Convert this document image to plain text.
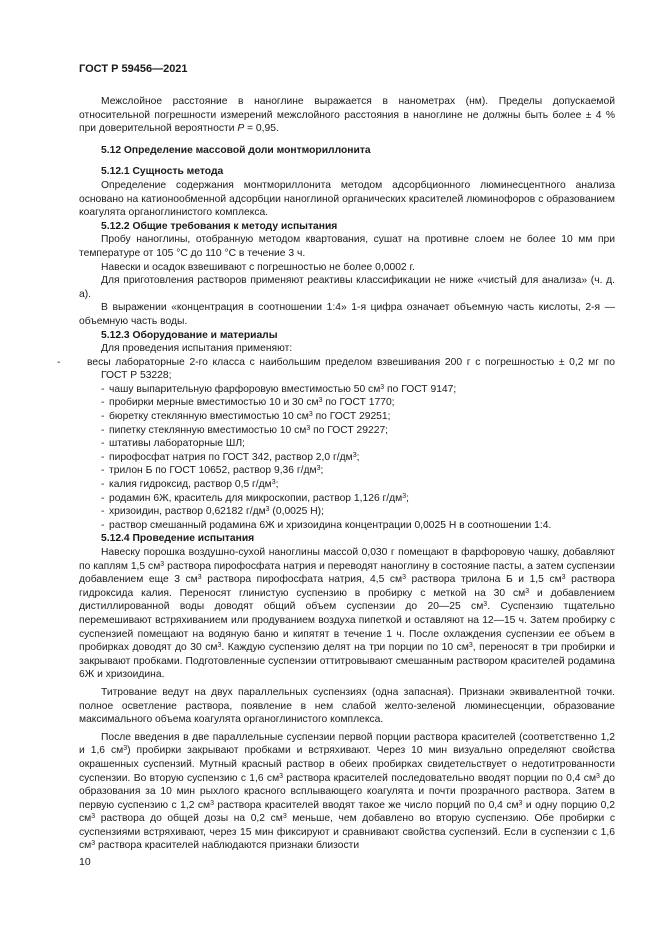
ГОСТ Р 59456—2021

Межслойное расстояние в наноглине выражается в нанометрах (нм). Пределы допускаемой относительной погрешности измерений межслойного расстояния в наноглине не должны быть более ± 4 % при доверительной вероятности Р = 0,95.

5.12 Определение массовой доли монтмориллонита

5.12.1 Сущность метода

Определение содержания монтмориллонита методом адсорбционного люминесцентного анализа основано на катионообменной адсорбции наноглиной органических красителей люминофоров с образованием коагулята органоглинистого комплекса.

5.12.2 Общие требования к методу испытания

Пробу наноглины, отобранную методом квартования, сушат на противне слоем не более 10 мм при температуре от 105 °С до 110 °С в течение 3 ч.

Навески и осадок взвешивают с погрешностью не более 0,0002 г.

Для приготовления растворов применяют реактивы классификации не ниже «чистый для анализа» (ч. д. а).

В выражении «концентрация в соотношении 1:4» 1-я цифра означает объемную часть кислоты, 2-я — объемную часть воды.

5.12.3 Оборудование и материалы

Для проведения испытания применяют:

-	весы лабораторные 2-го класса с наибольшим пределом взвешивания 200 г с погрешностью ± 0,2 мг по ГОСТ Р 53228;

- чашу выпарительную фарфоровую вместимостью 50 $см^3$ по ГОСТ 9147;

- пробирки мерные вместимостью 10 и 30 $см^3$ по ГОСТ 1770;

- бюретку стеклянную вместимостью 10 $см^3$ по ГОСТ 29251;

- пипетку стеклянную вместимостью 10 $см^3$ по ГОСТ 29227;

- штативы лабораторные ШЛ;

- пирофосфат натрия по ГОСТ 342, раствор 2,0 $г/дм^3$;

- трилон Б по ГОСТ 10652, раствор 9,36 $г/дм^3$;

- калия гидроксид, раствор 0,5 $г/дм^3$;

- родамин 6Ж, краситель для микроскопии, раствор 1,126 $г/дм^3$;

- хризоидин, раствор 0,62182 $г/дм^3$ (0,0025 Н);

- раствор смешанный родамина 6Ж и хризоидина концентрации 0,0025 Н в соотношении 1:4.

5.12.4 Проведение испытания

Навеску порошка воздушно-сухой наноглины массой 0,030 г помещают в фарфоровую чашку, добавляют по каплям 1,5 $см^3$ раствора пирофосфата натрия и переводят наноглину в состояние пасты, а затем суспензии добавлением еще 3 $см^3$ раствора пирофосфата натрия, 4,5 $см^3$ раствора трилона Б и 1,5 $см^3$ раствора гидроксида калия. Переносят глинистую суспензию в пробирку с меткой на 30 $см^3$ и добавлением дистиллированной воды доводят общий объем суспензии до 20—25 $см^3$. Суспензию тщательно перемешивают встряхиванием или продуванием воздуха пипеткой и оставляют на 12—15 ч. Затем пробирку с суспензией помещают на водяную баню и кипятят в течение 1 ч. После охлаждения суспензии ее объем в пробирках доводят до 30 $см^3$. Каждую суспензию делят на три порции по 10 $см^3$, переносят в три пробирки и закрывают пробками. Подготовленные суспензии оттитровывают смешанным раствором красителей родамина 6Ж и хризоидина.

Титрование ведут на двух параллельных суспензиях (одна запасная). Признаки эквивалентной точки. полное осветление раствора, появление в нем слабой желто-зеленой люминесценции, образование максимального объема коагулята органоглинистого комплекса.

После введения в две параллельные суспензии первой порции раствора красителей (соответственно 1,2 и 1,6 $см^3$) пробирки закрывают пробками и встряхивают. Через 10 мин визуально определяют свойства окрашенных суспензий. Мутный красный раствор в обеих пробирках свидетельствует о недотитрованности суспензии. Во вторую суспензию с 1,6 $см^3$ раствора красителей последовательно вводят порции по 0,4 $см^3$ до образования за 10 мин рыхлого красного всплывающего коагулята и почти прозрачного раствора. Затем в первую суспензию с 1,2 $см^3$ раствора красителей вводят такое же число порций по 0,4 $см^3$ и одну порцию 0,2 $см^3$ раствора до общей дозы на 0,2 $см^3$ меньше, чем добавлено во вторую суспензию. Обе пробирки с суспензиями встряхивают, через 15 мин фиксируют и сравнивают свойства суспензий. Если в суспензии с 1,6 $см^3$ раствора красителей наблюдаются признаки близости

10
